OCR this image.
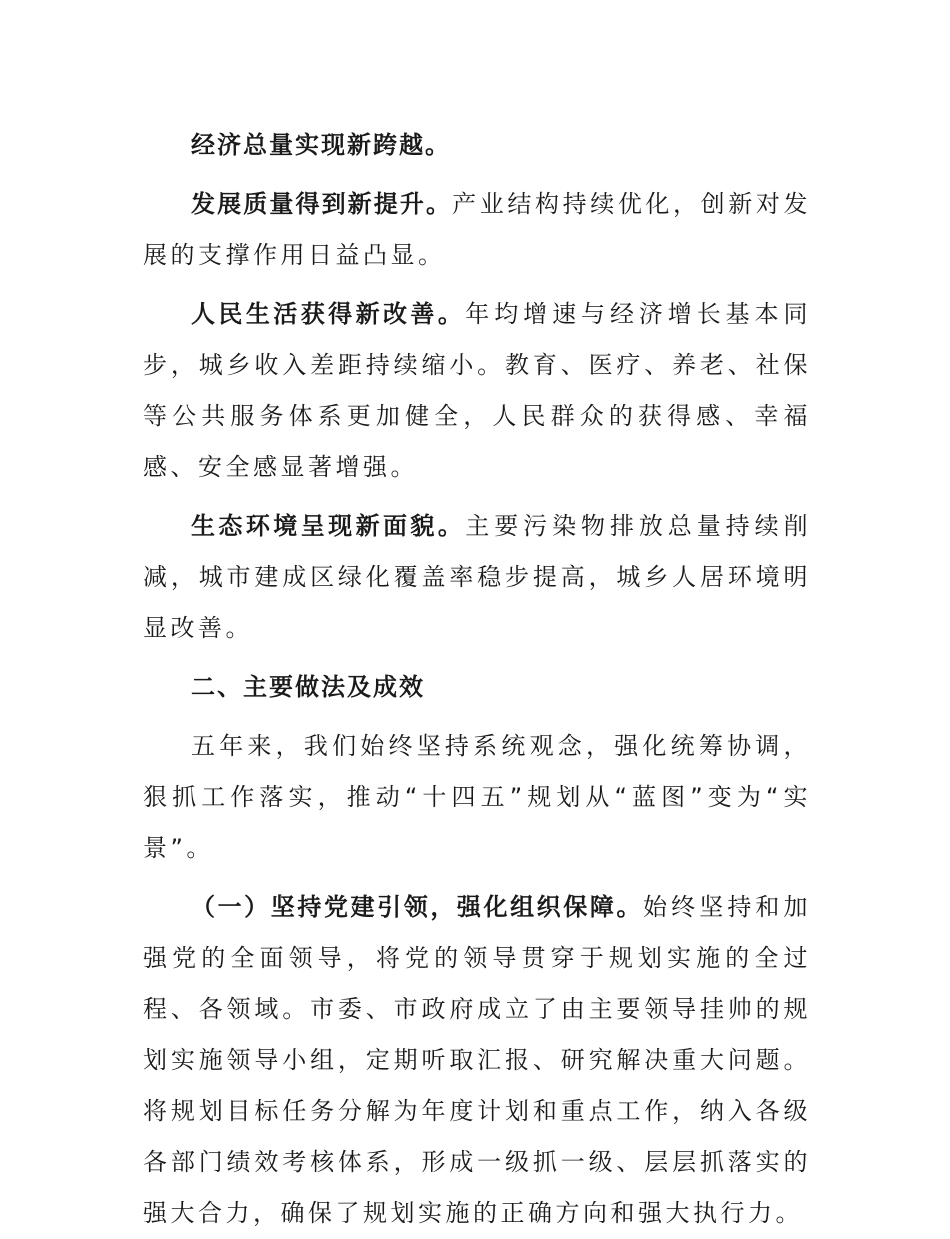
经济总量实现新跨越。

发展质量得到新提升。产业结构持续优化，创新对发展的支撑作用日益凸显。

人民生活获得新改善。年均增速与经济增长基本同步，城乡收入差距持续缩小。教育、医疗、养老、社保等公共服务体系更加健全，人民群众的获得感、幸福感、安全感显著增强。

生态环境呈现新面貌。主要污染物排放总量持续削减，城市建成区绿化覆盖率稳步提高，城乡人居环境明显改善。

二、主要做法及成效

五年来，我们始终坚持系统观念，强化统筹协调，狠抓工作落实，推动“十四五”规划从“蓝图”变为“实景”。

（一）坚持党建引领，强化组织保障。始终坚持和加强党的全面领导，将党的领导贯穿于规划实施的全过程、各领域。市委、市政府成立了由主要领导挂帅的规划实施领导小组，定期听取汇报、研究解决重大问题。将规划目标任务分解为年度计划和重点工作，纳入各级各部门绩效考核体系，形成一级抓一级、层层抓落实的强大合力，确保了规划实施的正确方向和强大执行力。
